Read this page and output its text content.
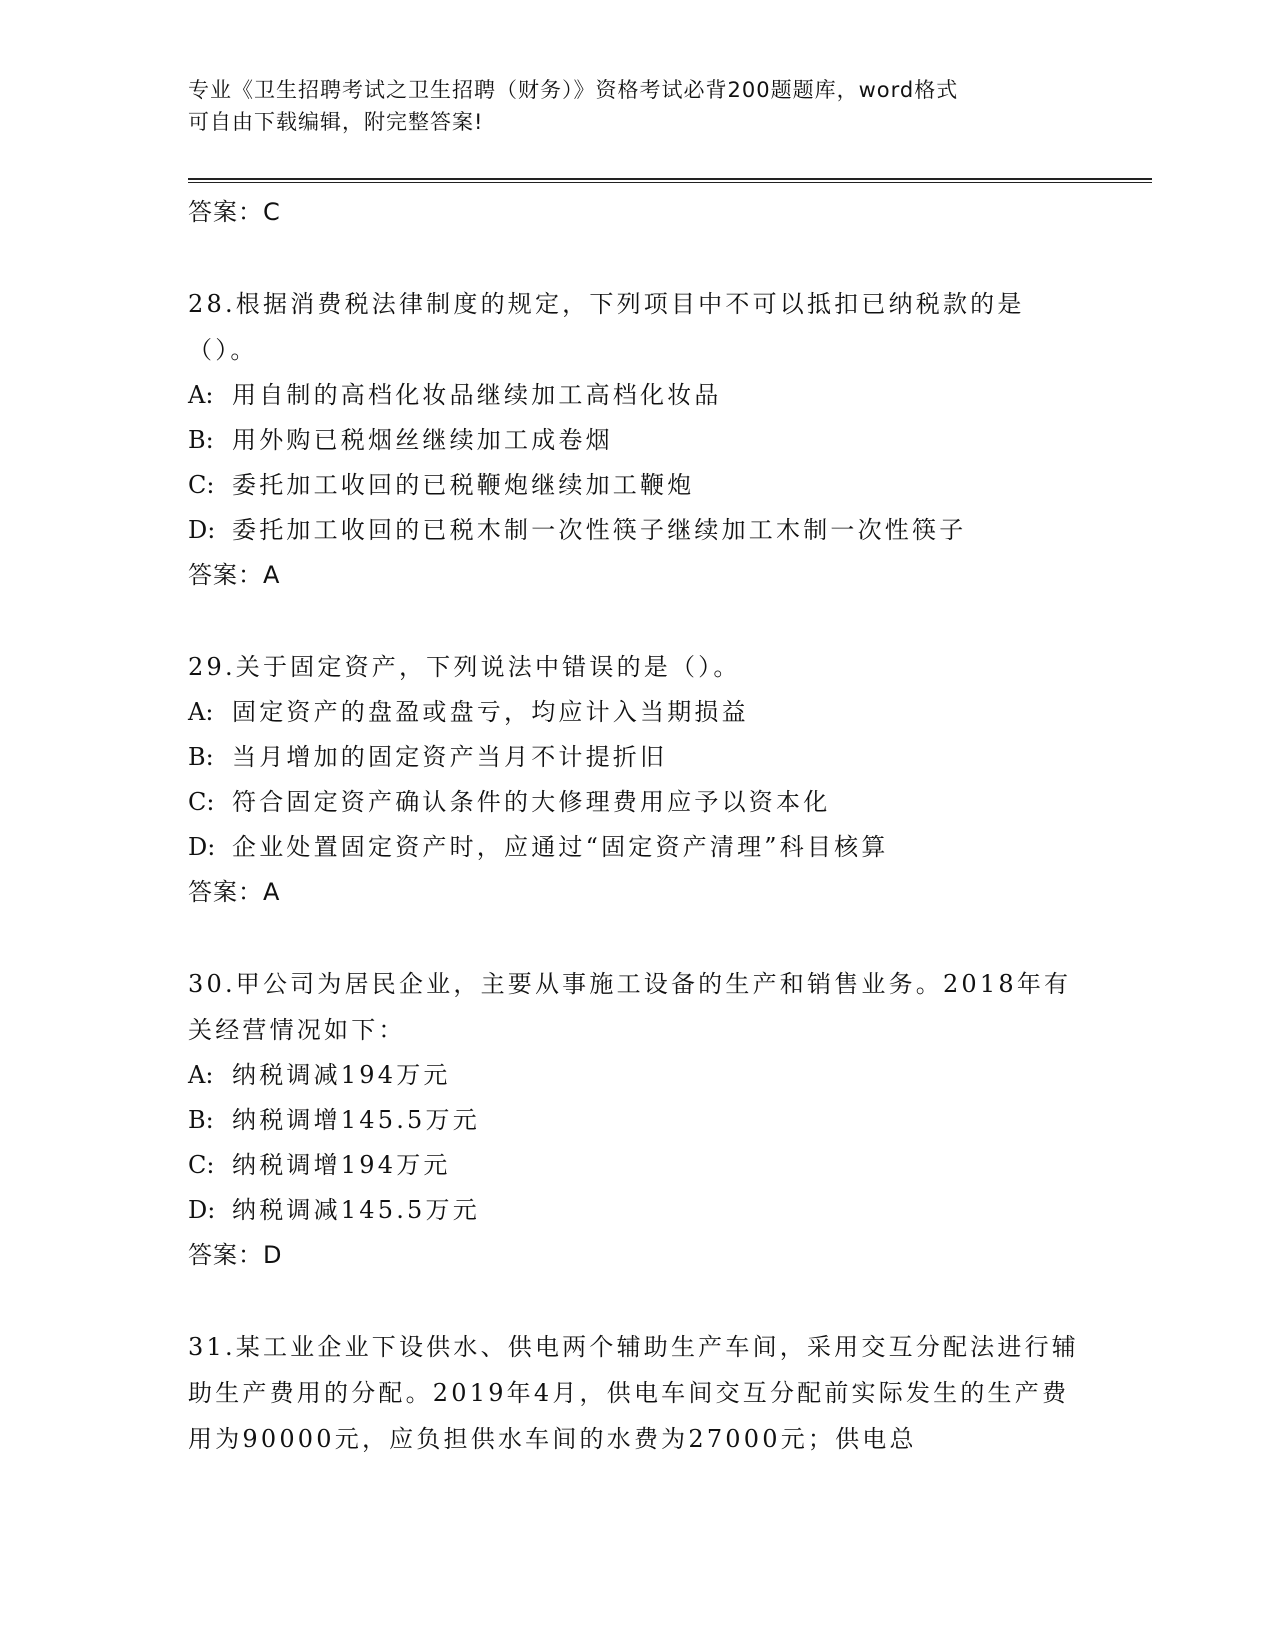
专业《卫生招聘考试之卫生招聘（财务）》资格考试必背200题题库，word格式
可自由下载编辑，附完整答案!
答案：C

28.根据消费税法律制度的规定，下列项目中不可以抵扣已纳税款的是（）。

A: 用自制的高档化妆品继续加工高档化妆品
B: 用外购已税烟丝继续加工成卷烟
C: 委托加工收回的已税鞭炮继续加工鞭炮
D: 委托加工收回的已税木制一次性筷子继续加工木制一次性筷子
答案：A

29.关于固定资产，下列说法中错误的是（）。

A: 固定资产的盘盈或盘亏，均应计入当期损益
B: 当月增加的固定资产当月不计提折旧
C: 符合固定资产确认条件的大修理费用应予以资本化
D: 企业处置固定资产时，应通过“固定资产清理”科目核算
答案：A

30.甲公司为居民企业，主要从事施工设备的生产和销售业务。2018年有关经营情况如下：

A: 纳税调减194万元
B: 纳税调增145.5万元
C: 纳税调增194万元
D: 纳税调减145.5万元
答案：D

31.某工业企业下设供水、供电两个辅助生产车间，采用交互分配法进行辅助生产费用的分配。2019年4月，供电车间交互分配前实际发生的生产费用为90000元，应负担供水车间的水费为27000元；供电总
